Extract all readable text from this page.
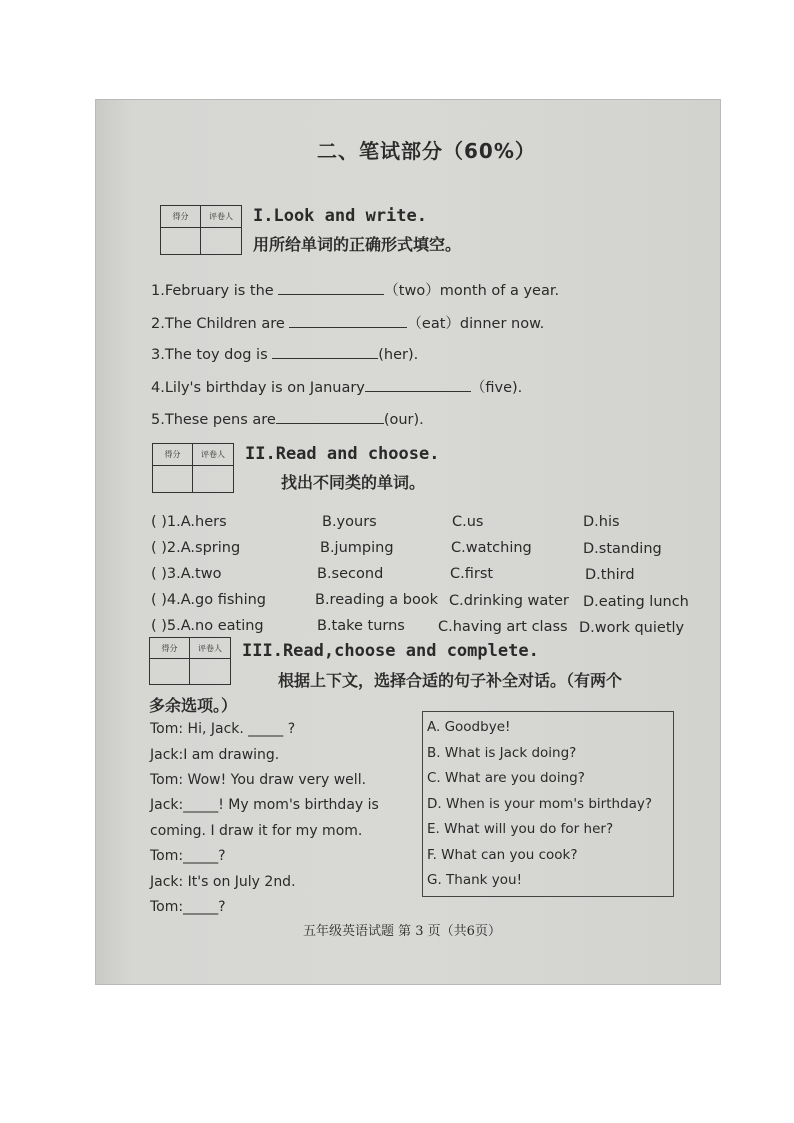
二、笔试部分（60%）
得分	评卷人	I.Look and write.
用所给单词的正确形式填空。
1.February is the	（two）month of a year.
2.The Children are	（eat）dinner now.
3.The toy dog is	(her).
4.Lily's birthday is on January	（five).
5.These pens are	(our).
得分	评卷人	II.Read and choose.
找出不同类的单词。
( )1.A.hers	B.yours	C.us	D.his
( )2.A.spring	B.jumping	C.watching	D.standing
( )3.A.two	B.second	C.first	D.third
( )4.A.go fishing	B.reading a book C.drinking water D.eating lunch
( )5.A.no eating	B.take turns C.having art class D.work quietly
得分	评卷人	III.Read,choose and complete.
根据上下文，选择合适的句子补全对话。（有两个
多余选项。）
Tom: Hi, Jack. _____ ?
Jack:I am drawing.
Tom: Wow! You draw very well.
Jack:_____! My mom's birthday is
coming. I draw it for my mom.
Tom:_____?
Jack: It's on July 2nd.
Tom:_____?
A. Goodbye!
B. What is Jack doing?
C. What are you doing?
D. When is your mom's birthday?
E. What will you do for her?
F. What can you cook?
G. Thank you!
五年级英语试题 第 3 页（共6页）
